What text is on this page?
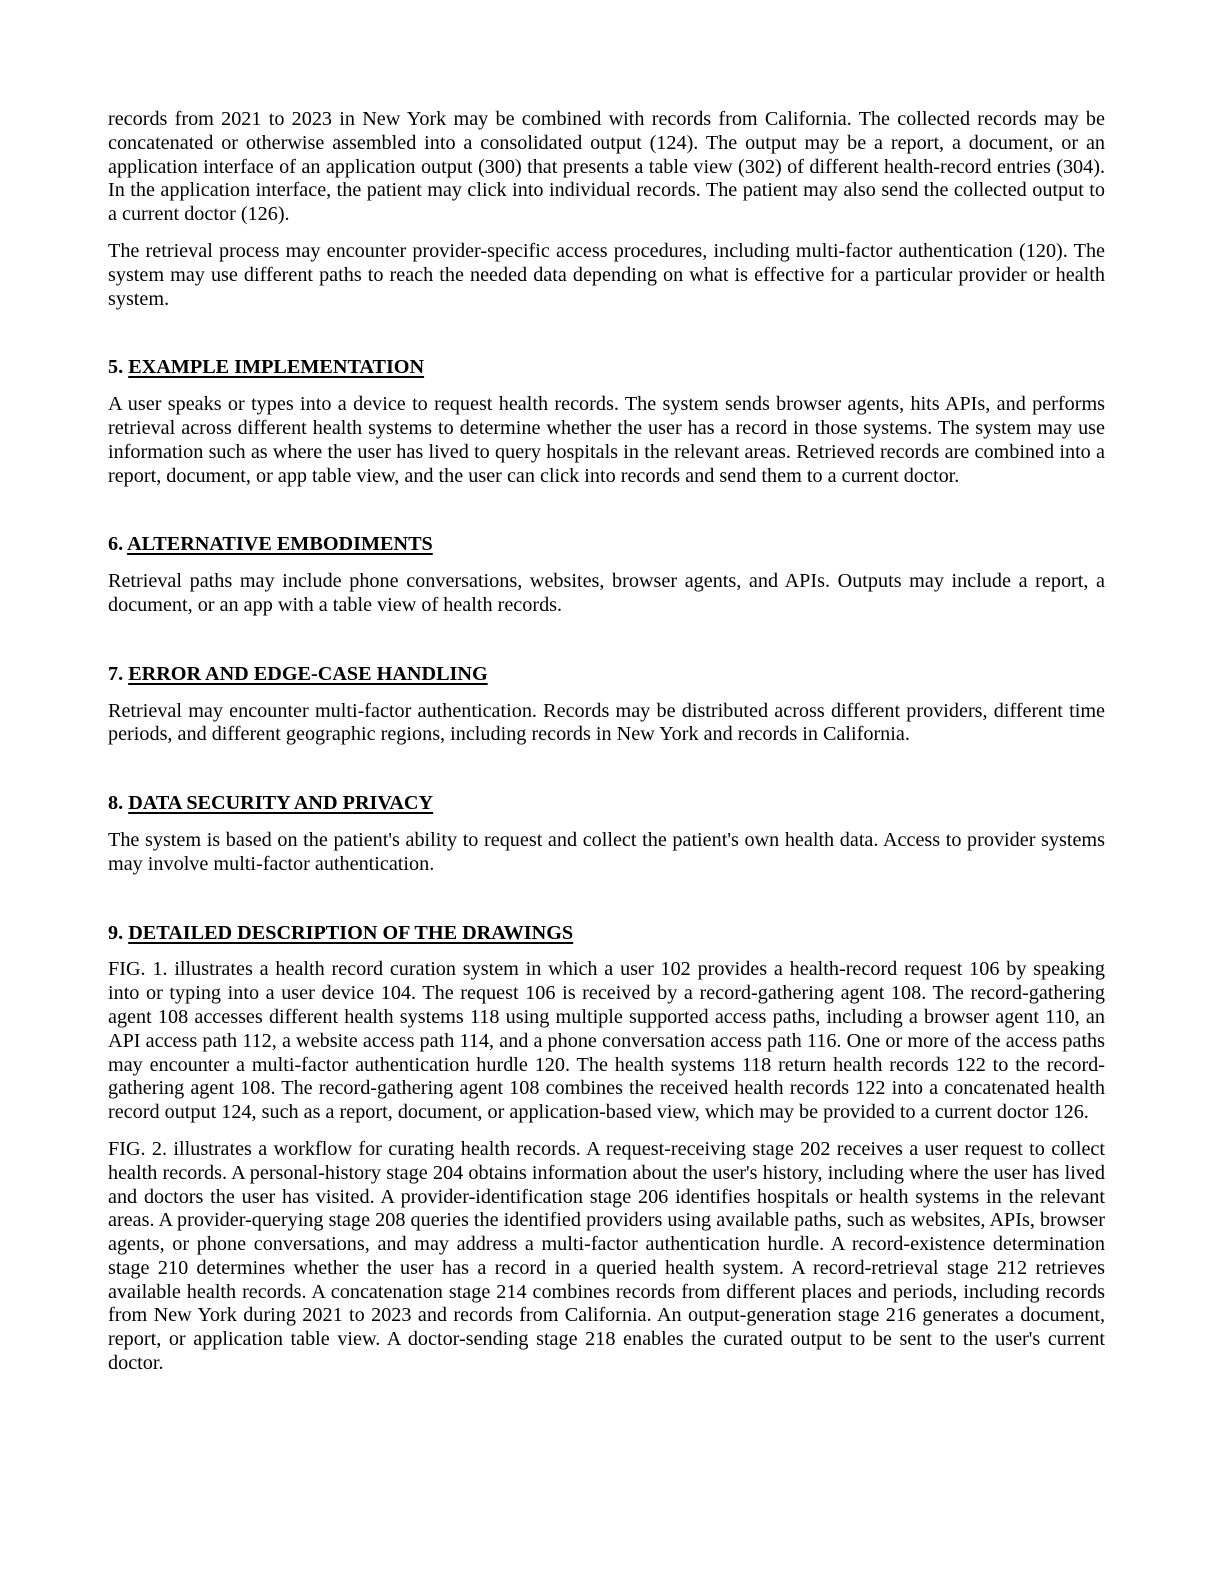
records from 2021 to 2023 in New York may be combined with records from California. The collected records may be concatenated or otherwise assembled into a consolidated output (124). The output may be a report, a document, or an application interface of an application output (300) that presents a table view (302) of different health-record entries (304). In the application interface, the patient may click into individual records. The patient may also send the collected output to a current doctor (126).

The retrieval process may encounter provider-specific access procedures, including multi-factor authentication (120). The system may use different paths to reach the needed data depending on what is effective for a particular provider or health system.

5. EXAMPLE IMPLEMENTATION

A user speaks or types into a device to request health records. The system sends browser agents, hits APIs, and performs retrieval across different health systems to determine whether the user has a record in those systems. The system may use information such as where the user has lived to query hospitals in the relevant areas. Retrieved records are combined into a report, document, or app table view, and the user can click into records and send them to a current doctor.

6. ALTERNATIVE EMBODIMENTS

Retrieval paths may include phone conversations, websites, browser agents, and APIs. Outputs may include a report, a document, or an app with a table view of health records.

7. ERROR AND EDGE-CASE HANDLING

Retrieval may encounter multi-factor authentication. Records may be distributed across different providers, different time periods, and different geographic regions, including records in New York and records in California.

8. DATA SECURITY AND PRIVACY

The system is based on the patient's ability to request and collect the patient's own health data. Access to provider systems may involve multi-factor authentication.

9. DETAILED DESCRIPTION OF THE DRAWINGS

FIG. 1. illustrates a health record curation system in which a user 102 provides a health-record request 106 by speaking into or typing into a user device 104. The request 106 is received by a record-gathering agent 108. The record-gathering agent 108 accesses different health systems 118 using multiple supported access paths, including a browser agent 110, an API access path 112, a website access path 114, and a phone conversation access path 116. One or more of the access paths may encounter a multi-factor authentication hurdle 120. The health systems 118 return health records 122 to the record-gathering agent 108. The record-gathering agent 108 combines the received health records 122 into a concatenated health record output 124, such as a report, document, or application-based view, which may be provided to a current doctor 126.

FIG. 2. illustrates a workflow for curating health records. A request-receiving stage 202 receives a user request to collect health records. A personal-history stage 204 obtains information about the user's history, including where the user has lived and doctors the user has visited. A provider-identification stage 206 identifies hospitals or health systems in the relevant areas. A provider-querying stage 208 queries the identified providers using available paths, such as websites, APIs, browser agents, or phone conversations, and may address a multi-factor authentication hurdle. A record-existence determination stage 210 determines whether the user has a record in a queried health system. A record-retrieval stage 212 retrieves available health records. A concatenation stage 214 combines records from different places and periods, including records from New York during 2021 to 2023 and records from California. An output-generation stage 216 generates a document, report, or application table view. A doctor-sending stage 218 enables the curated output to be sent to the user's current doctor.
